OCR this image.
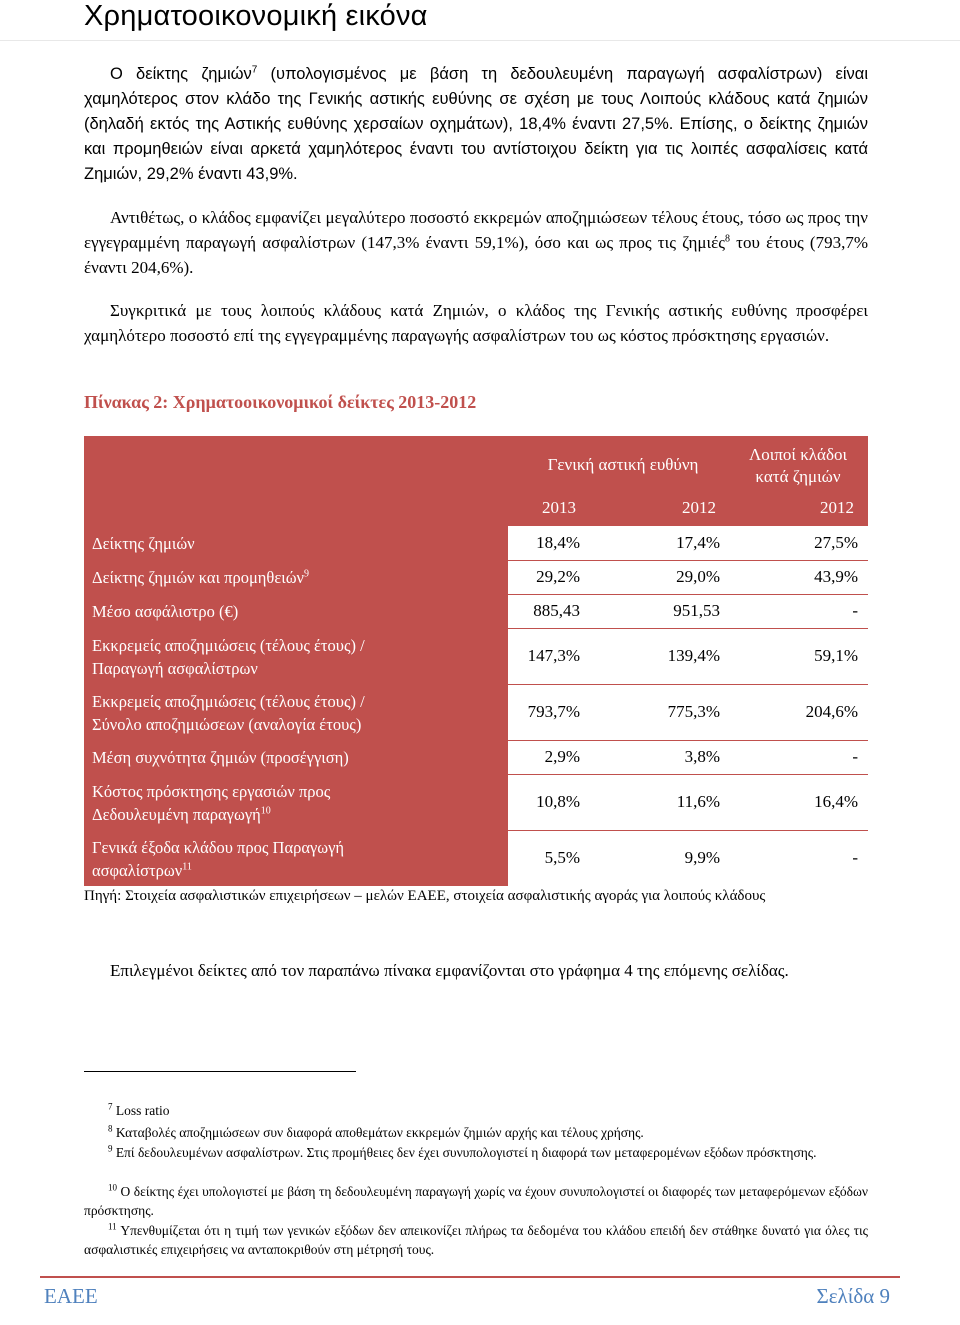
Χρηματοοικονομική εικόνα
Ο δείκτης ζημιών$^7$ (υπολογισμένος με βάση τη δεδουλευμένη παραγωγή ασφαλίστρων) είναι χαμηλότερος στον κλάδο της Γενικής αστικής ευθύνης σε σχέση με τους Λοιπούς κλάδους κατά ζημιών (δηλαδή εκτός της Αστικής ευθύνης χερσαίων οχημάτων), 18,4% έναντι 27,5%. Επίσης, ο δείκτης ζημιών και προμηθειών είναι αρκετά χαμηλότερος έναντι του αντίστοιχου δείκτη για τις λοιπές ασφαλίσεις κατά Ζημιών, 29,2% έναντι 43,9%.
Αντιθέτως, ο κλάδος εμφανίζει μεγαλύτερο ποσοστό εκκρεμών αποζημιώσεων τέλους έτους, τόσο ως προς την εγγεγραμμένη παραγωγή ασφαλίστρων (147,3% έναντι 59,1%), όσο και ως προς τις ζημιές$^8$ του έτους (793,7% έναντι 204,6%).
Συγκριτικά με τους λοιπούς κλάδους κατά Ζημιών, ο κλάδος της Γενικής αστικής ευθύνης προσφέρει χαμηλότερο ποσοστό επί της εγγεγραμμένης παραγωγής ασφαλίστρων του ως κόστος πρόσκτησης εργασιών.
Πίνακας 2: Χρηματοοικονομικοί δείκτες 2013-2012
Γενική αστική ευθύνη
Λοιποί κλάδοι
κατά ζημιών
2013	2012	2012
Δείκτης ζημιών	18,4%	17,4%	27,5%
Δείκτης ζημιών και προμηθειών$^9$	29,2%	29,0%	43,9%
Μέσο ασφάλιστρο (€)	885,43	951,53	-
Εκκρεμείς αποζημιώσεις (τέλους έτους) /
Παραγωγή ασφαλίστρων
147,3%	139,4%	59,1%
Εκκρεμείς αποζημιώσεις (τέλους έτους) /
Σύνολο αποζημιώσεων (αναλογία έτους)
793,7%	775,3%	204,6%
Μέση συχνότητα ζημιών (προσέγγιση)	2,9%	3,8%	-
Κόστος πρόσκτησης εργασιών προς
Δεδουλευμένη παραγωγή$^{10}$	10,8%	11,6%	16,4%
Γενικά έξοδα κλάδου προς Παραγωγή
ασφαλίστρων$^{11}$	5,5%	9,9%	-
Πηγή: Στοιχεία ασφαλιστικών επιχειρήσεων – μελών ΕΑΕΕ, στοιχεία ασφαλιστικής αγοράς για λοιπούς κλάδους
Επιλεγμένοι δείκτες από τον παραπάνω πίνακα εμφανίζονται στο γράφημα 4 της επόμενης σελίδας.
$^7$ Loss ratio
$^8$ Καταβολές αποζημιώσεων συν διαφορά αποθεμάτων εκκρεμών ζημιών αρχής και τέλους χρήσης.
$^9$ Επί δεδουλευμένων ασφαλίστρων. Στις προμήθειες δεν έχει συνυπολογιστεί η διαφορά των μεταφερομένων εξόδων πρόσκτησης.
$^{10}$ Ο δείκτης έχει υπολογιστεί με βάση τη δεδουλευμένη παραγωγή χωρίς να έχουν συνυπολογιστεί οι διαφορές των μεταφερόμενων εξόδων πρόσκτησης.
$^{11}$ Υπενθυμίζεται ότι η τιμή των γενικών εξόδων δεν απεικονίζει πλήρως τα δεδομένα του κλάδου επειδή δεν στάθηκε δυνατό για όλες τις ασφαλιστικές επιχειρήσεις να ανταποκριθούν στη μέτρησή τους.
ΕΑΕΕ	Σελίδα 9
